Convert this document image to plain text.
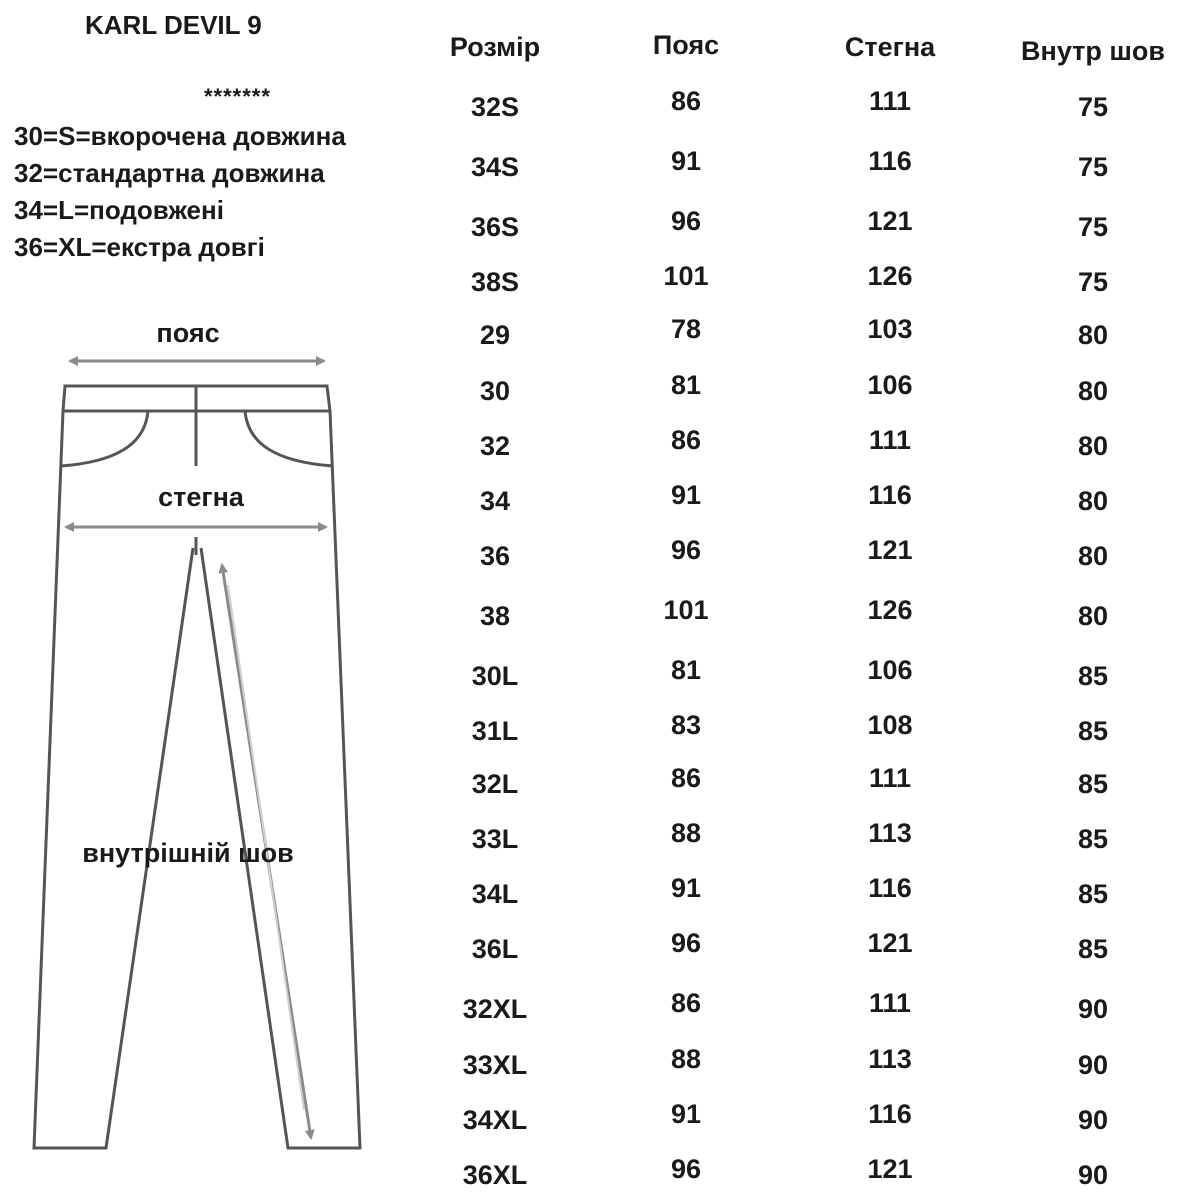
KARL DEVIL 9
*******
30=S=вкорочена довжина
32=стандартна довжина
34=L=подовжені
36=XL=екстра довгі
пояс
стегна
внутрішній шов
Розмір	Пояс	Стегна	Внутр шов
32S	86	111	75
34S	91	116	75
36S	96	121	75
38S	101	126	75
29	78	103	80
30	81	106	80
32	86	111	80
34	91	116	80
36	96	121	80
38	101	126	80
30L	81	106	85
31L	83	108	85
32L	86	111	85
33L	88	113	85
34L	91	116	85
36L	96	121	85
32XL	86	111	90
33XL	88	113	90
34XL	91	116	90
36XL	96	121	90
